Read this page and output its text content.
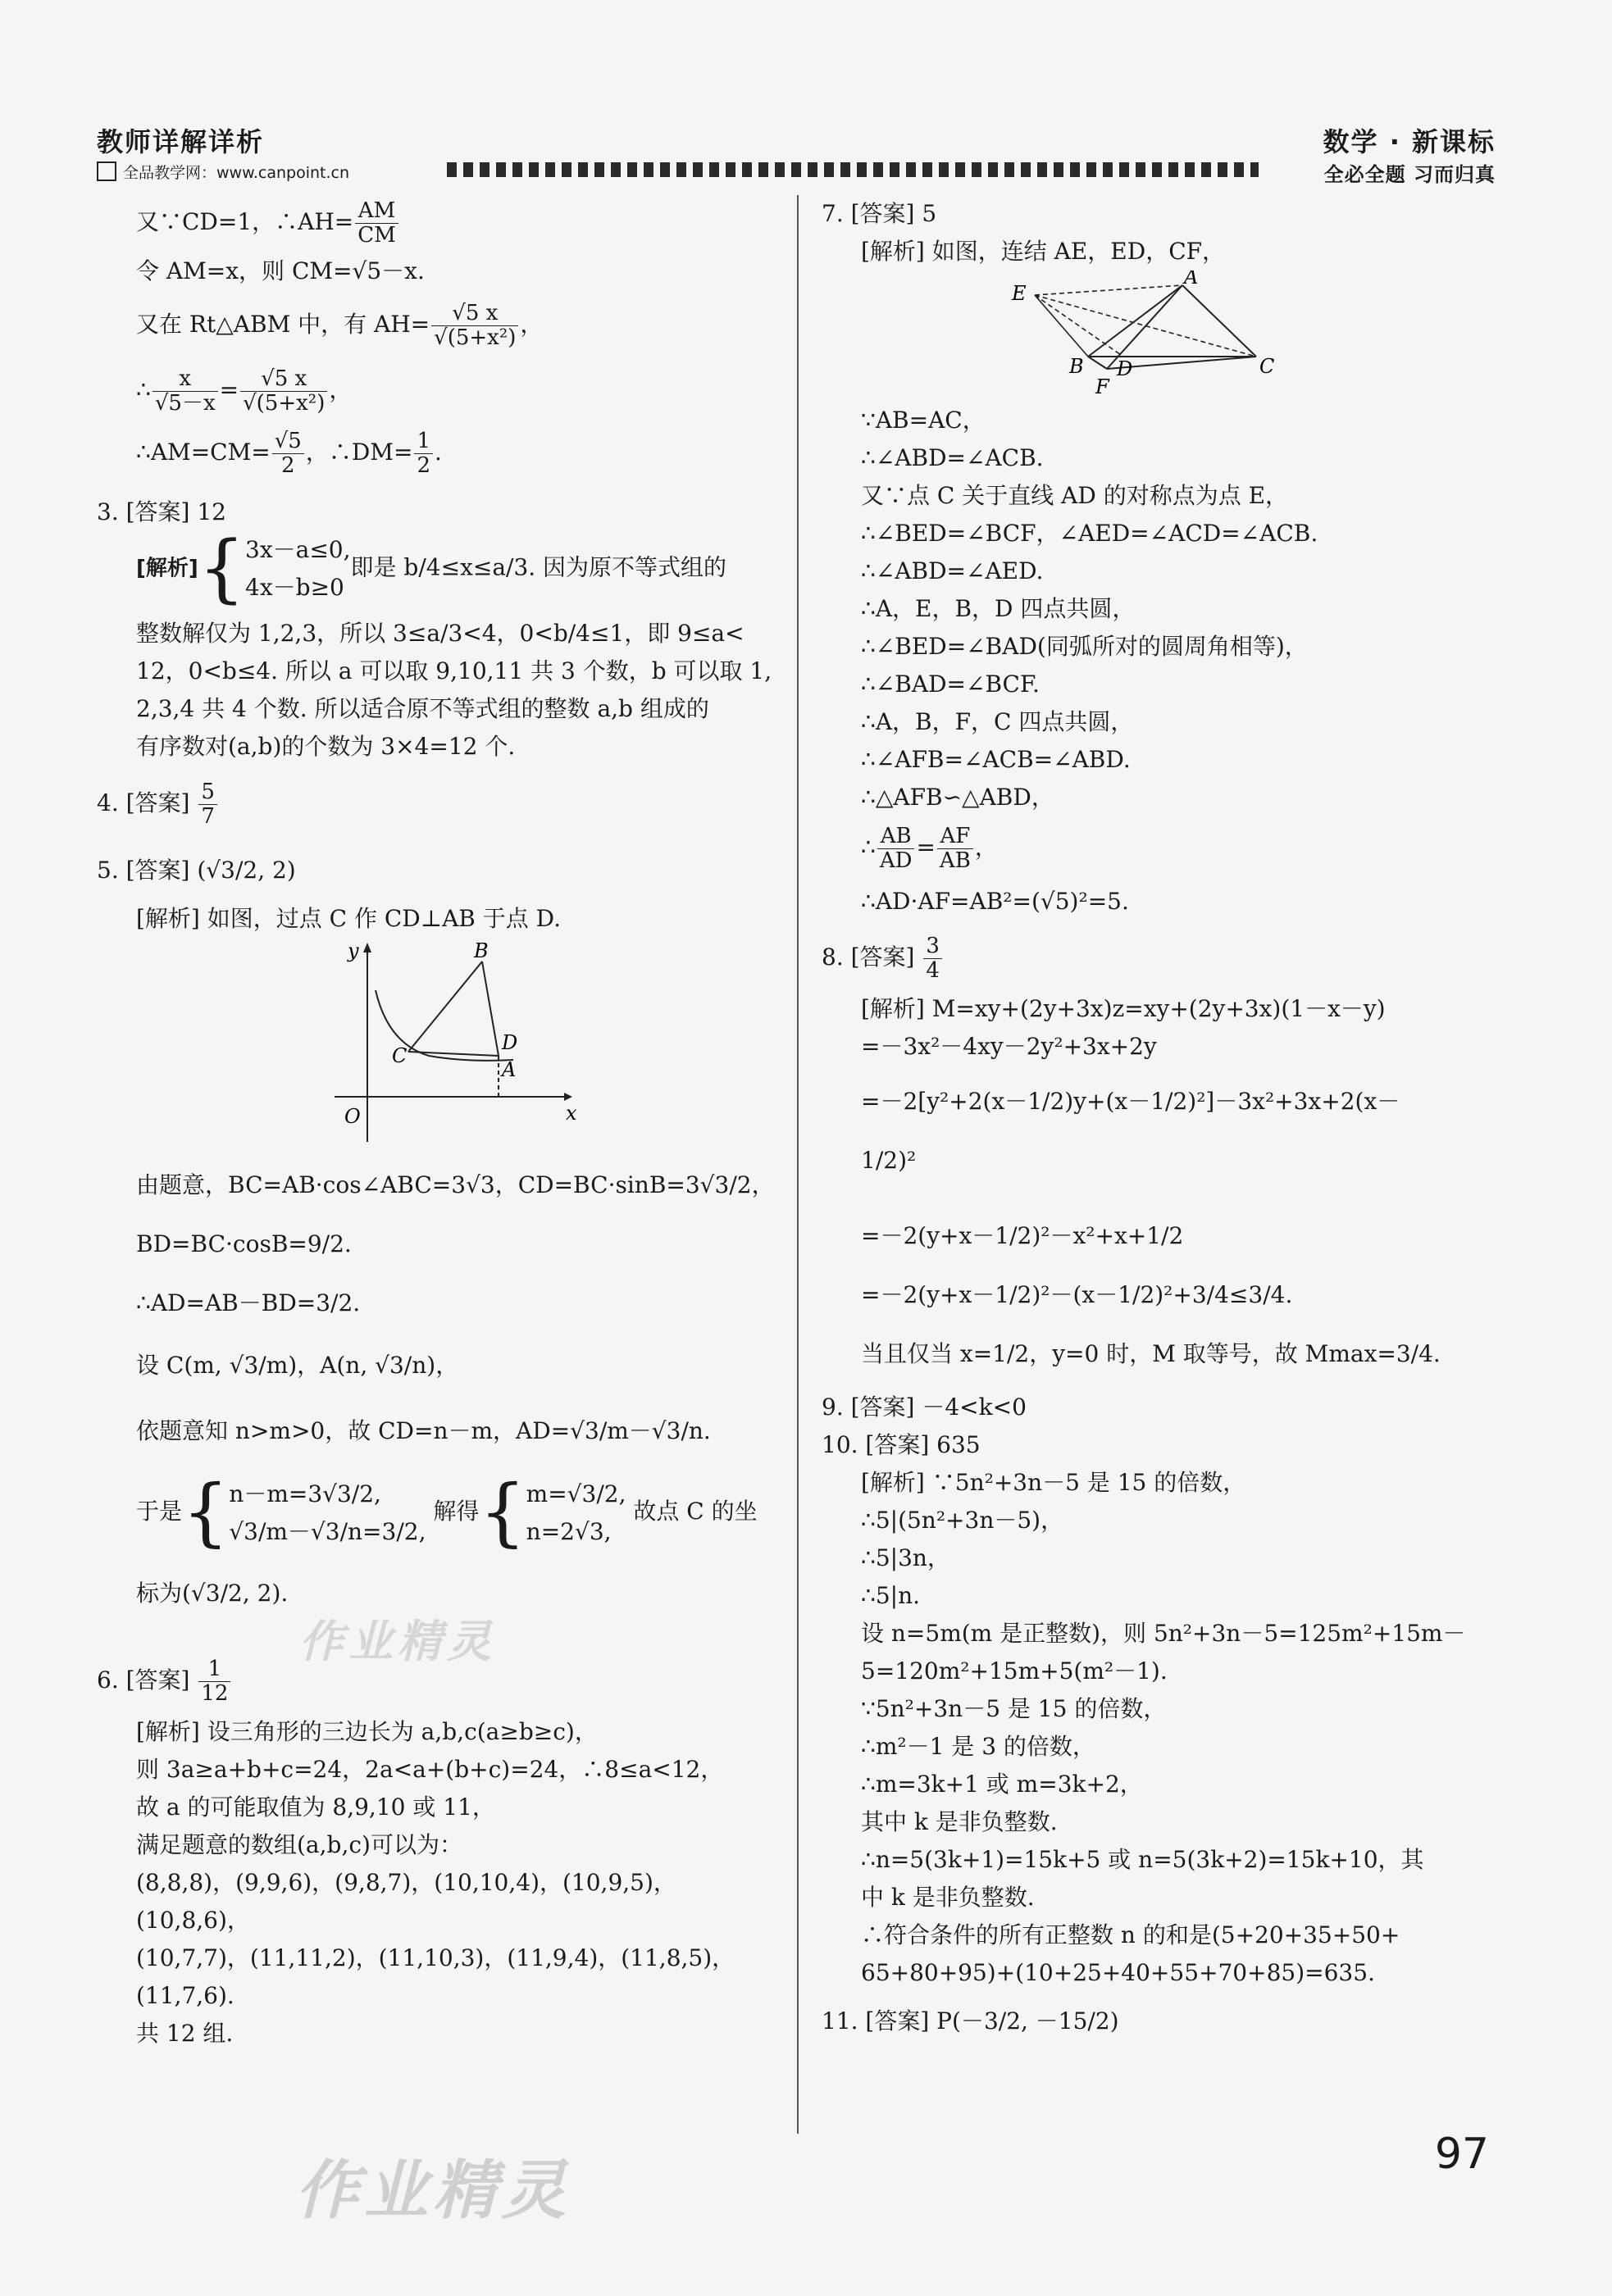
教师详解详析
全品教学网：www.canpoint.cn
数学 · 新课标
全必全题 习而归真
又∵CD=1，∴AH= $\frac{AM}{CM}$
令 AM=x，则 CM=√5－x.
又在 Rt△ABM 中，有 $AH= \frac{√5 x}{\text{√(5+x²)}}$ ，
∴ $\frac{x}{√5-x} = \frac{√5 x}{\text{√(5+x²)}}$ ，
∴AM=CM= $\frac{√5}{2}$ ，∴DM= $\frac{1}{2}$ .
3. [答案] 12
[解析]{ 3x－a≤0,
4x－b≥0
即是 b/4≤x≤a/3. 因为原不等式组的
整数解仅为 1,2,3，所以 3≤a/3<4，0<b/4≤1，即 9≤a<
12，0<b≤4. 所以 a 可以取 9,10,11 共 3 个数，b 可以取 1,
2,3,4 共 4 个数. 所以适合原不等式组的整数 a,b 组成的
有序数对(a,b)的个数为 3×4=12 个.
4. [答案] $\frac{5}{7}$
5. [答案] (√3/2, 2)
[解析] 如图，过点 C 作 CD⊥AB 于点 D.
y
x
O
B
C
D
A
由题意，BC=AB·cos∠ABC=3√3，CD=BC·sinB=3√3/2，
BD=BC·cosB=9/2.
∴AD=AB－BD=3/2.
设 C(m, √3/m)，A(n, √3/n)，
依题意知 n>m>0，故 CD=n－m，AD=√3/m－√3/n.
于是{ n－m=3√3/2,
√3/m－√3/n=3/2,
解得{ m=√3/2,
n=2√3,
故点 C 的坐标为(√3/2, 2).
6. [答案] $\frac{1}{12}$
[解析] 设三角形的三边长为 a,b,c(a≥b≥c)，
则 3a≥a+b+c=24，2a<a+(b+c)=24，∴8≤a<12，
故 a 的可能取值为 8,9,10 或 11，
满足题意的数组(a,b,c)可以为：
(8,8,8)，(9,9,6)，(9,8,7)，(10,10,4)，(10,9,5)，(10,8,6)，
(10,7,7)，(11,11,2)，(11,10,3)，(11,9,4)，(11,8,5)，
(11,7,6).
共 12 组.
7. [答案] 5
[解析] 如图，连结 AE，ED，CF，
E
A
B D	C
F
∵AB=AC，
∴∠ABD=∠ACB.
又∵点 C 关于直线 AD 的对称点为点 E，
∴∠BED=∠BCF，∠AED=∠ACD=∠ACB.
∴∠ABD=∠AED.
∴A，E，B，D 四点共圆，
∴∠BED=∠BAD(同弧所对的圆周角相等)，
∴∠BAD=∠BCF.
∴A，B，F，C 四点共圆，
∴∠AFB=∠ACB=∠ABD.
∴△AFB∽△ABD，
∴ $\frac{AB}{AD} = \frac{AF}{AB}$ ，
∴AD·AF=AB²=(√5)²=5.
8. [答案] $\frac{3}{4}$
[解析] M=xy+(2y+3x)z=xy+(2y+3x)(1－x－y)
=－3x²－4xy－2y²+3x+2y
=－2[y²+2(x－1/2)y+(x－1/2)²]－3x²+3x+2(x－
1/2)²
=－2(y+x－1/2)²－x²+x+1/2
=－2(y+x－1/2)²－(x－1/2)²+3/4≤3/4.
当且仅当 x=1/2，y=0 时，M 取等号，故 Mmax=3/4.
9. [答案] －4<k<0
10. [答案] 635
[解析] ∵5n²+3n－5 是 15 的倍数，
∴5|(5n²+3n－5)，
∴5|3n，
∴5|n.
设 n=5m(m 是正整数)，则 5n²+3n－5=125m²+15m－
5=120m²+15m+5(m²－1).
∵5n²+3n－5 是 15 的倍数，
∴m²－1 是 3 的倍数，
∴m=3k+1 或 m=3k+2，
其中 k 是非负整数.
∴n=5(3k+1)=15k+5 或 n=5(3k+2)=15k+10，其
中 k 是非负整数.
∴符合条件的所有正整数 n 的和是(5+20+35+50+
65+80+95)+(10+25+40+55+70+85)=635.
11. [答案] P(－3/2, －15/2)
97
作业精灵
作业精灵
